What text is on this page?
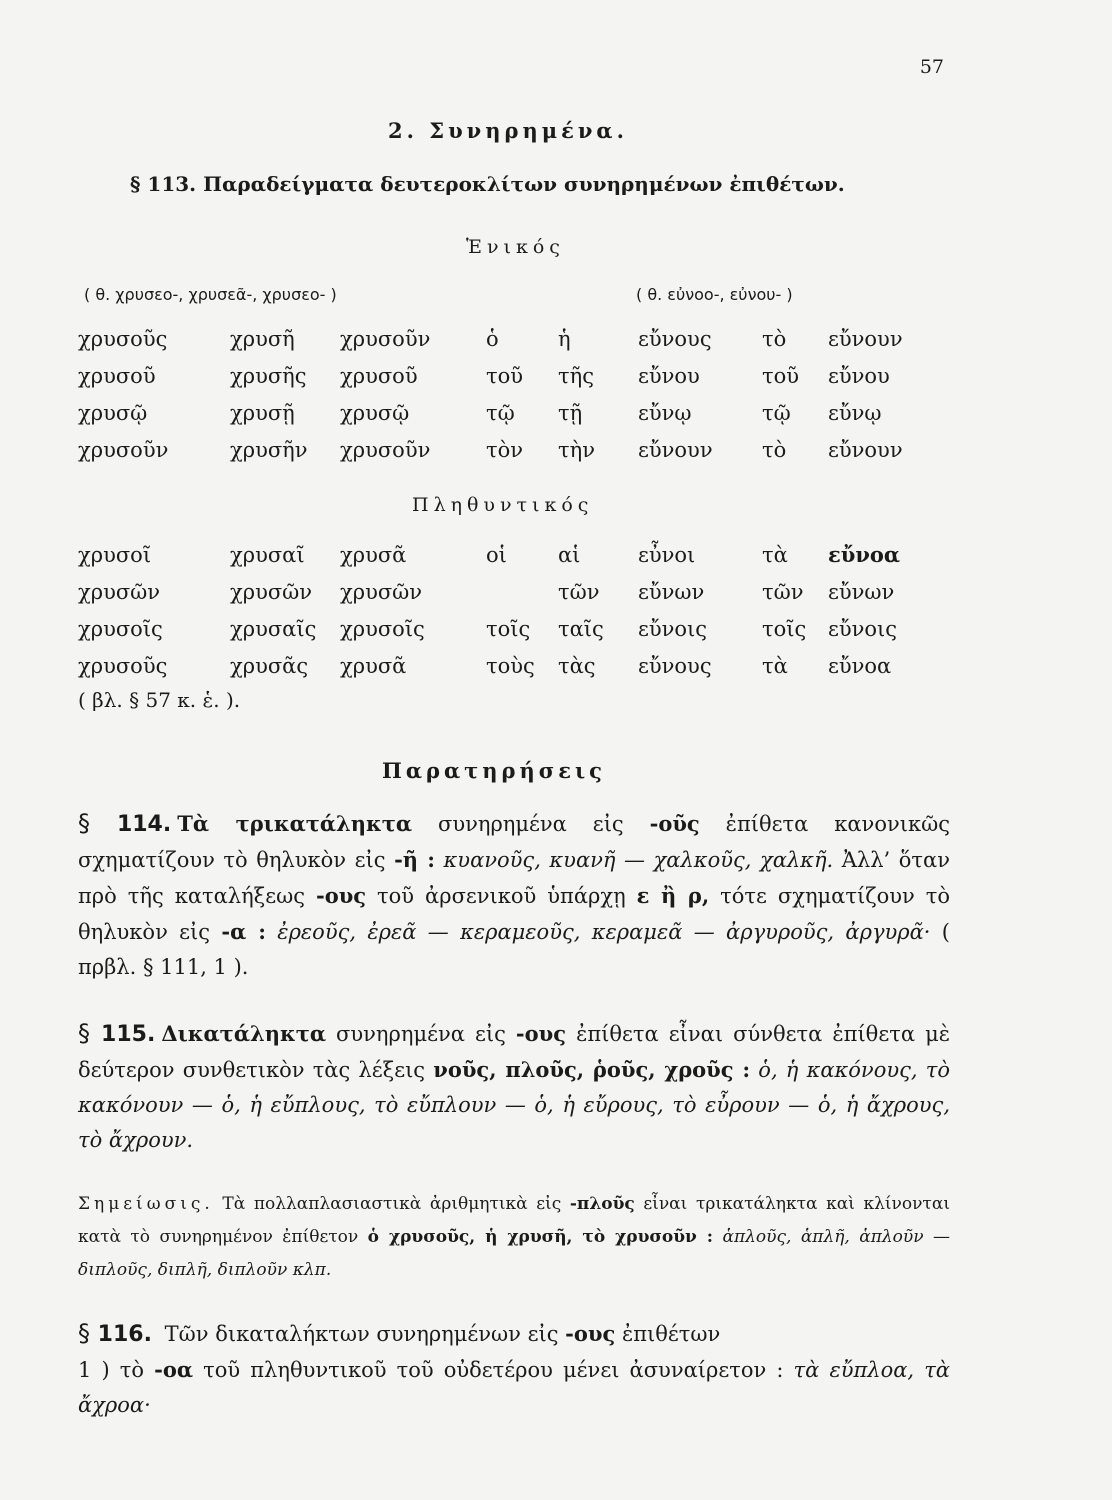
57
2. Συνηρημένα.
§ 113. Παραδείγματα δευτεροκλίτων συνηρημένων ἐπιθέτων.
Ἑνικός
( θ. χρυσεο-, χρυσεᾶ-, χρυσεο- )	( θ. εὐνοο-, εὐνου- )
χρυσοῦς	χρυσῆ	χρυσοῦν	ὁ	ἡ	εὔνους	τὸ	εὔνουν
χρυσοῦ	χρυσῆς	χρυσοῦ	τοῦ	τῆς	εὔνου	τοῦ	εὔνου
χρυσῷ	χρυσῇ	χρυσῷ	τῷ	τῇ	εὔνῳ	τῷ	εὔνῳ
χρυσοῦν	χρυσῆν	χρυσοῦν	τὸν	τὴν	εὔνουν	τὸ	εὔνουν
Πληθυντικός
χρυσοῖ	χρυσαῖ	χρυσᾶ	οἱ	αἱ	εὖνοι	τὰ	εὔνοα
χρυσῶν	χρυσῶν	χρυσῶν		τῶν	εὔνων	τῶν	εὔνων
χρυσοῖς	χρυσαῖς	χρυσοῖς	τοῖς	ταῖς	εὔνοις	τοῖς	εὔνοις
χρυσοῦς	χρυσᾶς	χρυσᾶ	τοὺς	τὰς	εὔνους	τὰ	εὔνοα
( βλ. § 57 κ. ἑ. ).
Παρατηρήσεις

§ 114. Τὰ τρικατάληκτα συνηρημένα εἰς -οῦς ἐπίθετα κανονικῶς σχηματίζουν τὸ θηλυκὸν εἰς -ῆ : κυανοῦς, κυανῆ — χαλκοῦς, χαλκῆ. Ἀλλ’ ὅταν πρὸ τῆς καταλήξεως -ους τοῦ ἀρσενικοῦ ὑπάρχῃ ε ἢ ρ, τότε σχηματίζουν τὸ θηλυκὸν εἰς -α : ἐρεοῦς, ἐρεᾶ — κεραμεοῦς, κεραμεᾶ — ἀργυροῦς, ἀργυρᾶ· ( πρβλ. § 111, 1 ).

§ 115. Δικατάληκτα συνηρημένα εἰς -ους ἐπίθετα εἶναι σύνθετα ἐπίθετα μὲ δεύτερον συνθετικὸν τὰς λέξεις νοῦς, πλοῦς, ῥοῦς, χροῦς : ὁ, ἡ κακόνους, τὸ κακόνουν — ὁ, ἡ εὔπλους, τὸ εὔπλουν — ὁ, ἡ εὔρους, τὸ εὖρουν — ὁ, ἡ ἄχρους, τὸ ἄχρουν.

Σημείωσις. Τὰ πολλαπλασιαστικὰ ἀριθμητικὰ εἰς -πλοῦς εἶναι τρικατάληκτα καὶ κλίνονται κατὰ τὸ συνηρημένον ἐπίθετον ὁ χρυσοῦς, ἡ χρυσῆ, τὸ χρυσοῦν : ἁπλοῦς, ἁπλῆ, ἁπλοῦν — διπλοῦς, διπλῆ, διπλοῦν κλπ.

§ 116. Τῶν δικαταλήκτων συνηρημένων εἰς -ους ἐπιθέτων

1 ) τὸ -οα τοῦ πληθυντικοῦ τοῦ οὐδετέρου μένει ἀσυναίρετον : τὰ εὔπλοα, τὰ ἄχροα·
